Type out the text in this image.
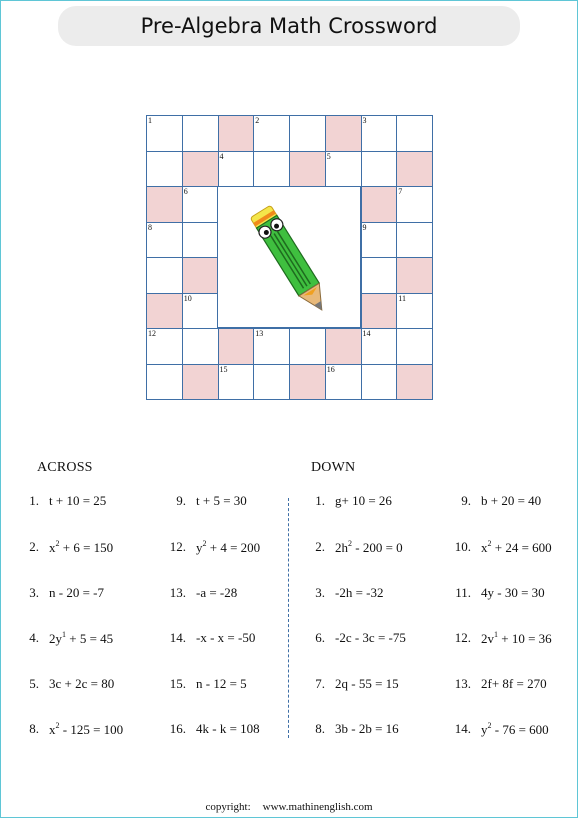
Pre-Algebra Math Crossword
16
15
14
13
12
11
10
9
8
7
6
5
4
3
2
1
ACROSS	DOWN
1. t + 10 = 25
2. $x^2 + 6 = 150$
3. n - 20 = -7
4. $2y^1 + 5 = 45$
5. 3c + 2c = 80
8. $x^2 - 125 = 100$
9. t + 5 = 30
12. $y^2 + 4 = 200$
13. -a = -28
14. -x - x = -50
15. n - 12 = 5
16. 4k - k = 108
1. g+ 10 = 26
2. $2h^2 - 200 = 0$
3. -2h = -32
6. -2c - 3c = -75
7. 2q - 55 = 15
8. 3b - 2b = 16
9. b + 20 = 40
10. $x^2 + 24 = 600$
11. 4y - 30 = 30
12. $2v^1 + 10 = 36$
13. 2f+ 8f = 270
14. $y^2 - 76 = 600$
copyright: www.mathinenglish.com
